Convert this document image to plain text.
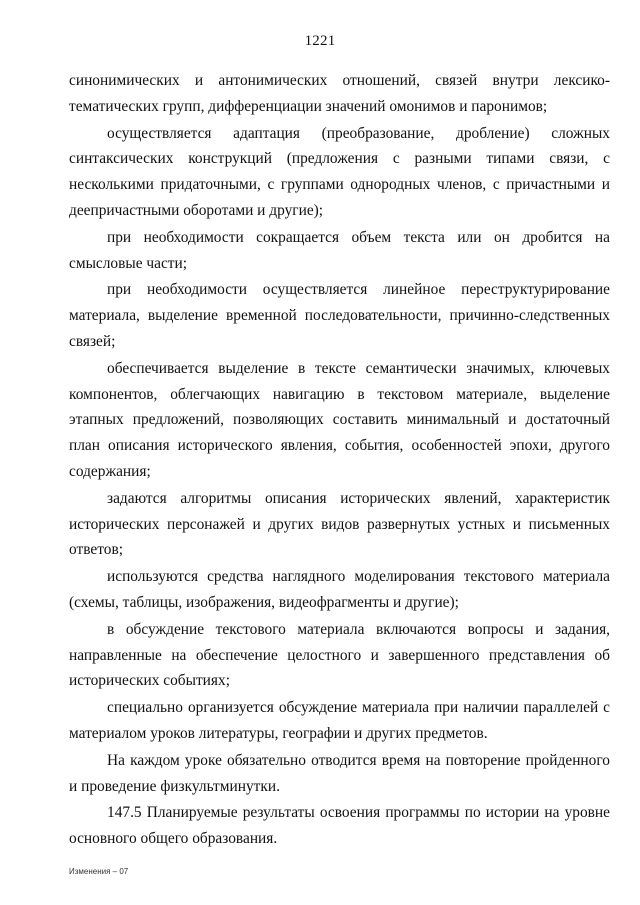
1221

синонимических и антонимических отношений, связей внутри лексико-тематических групп, дифференциации значений омонимов и паронимов;

осуществляется адаптация (преобразование, дробление) сложных синтаксических конструкций (предложения с разными типами связи, с несколькими придаточными, с группами однородных членов, с причастными и деепричастными оборотами и другие);

при необходимости сокращается объем текста или он дробится на смысловые части;

при необходимости осуществляется линейное переструктурирование материала, выделение временной последовательности, причинно-следственных связей;

обеспечивается выделение в тексте семантически значимых, ключевых компонентов, облегчающих навигацию в текстовом материале, выделение этапных предложений, позволяющих составить минимальный и достаточный план описания исторического явления, события, особенностей эпохи, другого содержания;

задаются алгоритмы описания исторических явлений, характеристик исторических персонажей и других видов развернутых устных и письменных ответов;

используются средства наглядного моделирования текстового материала (схемы, таблицы, изображения, видеофрагменты и другие);

в обсуждение текстового материала включаются вопросы и задания, направленные на обеспечение целостного и завершенного представления об исторических событиях;

специально организуется обсуждение материала при наличии параллелей с материалом уроков литературы, географии и других предметов.

На каждом уроке обязательно отводится время на повторение пройденного и проведение физкультминутки.

147.5 Планируемые результаты освоения программы по истории на уровне основного общего образования.

Изменения – 07
